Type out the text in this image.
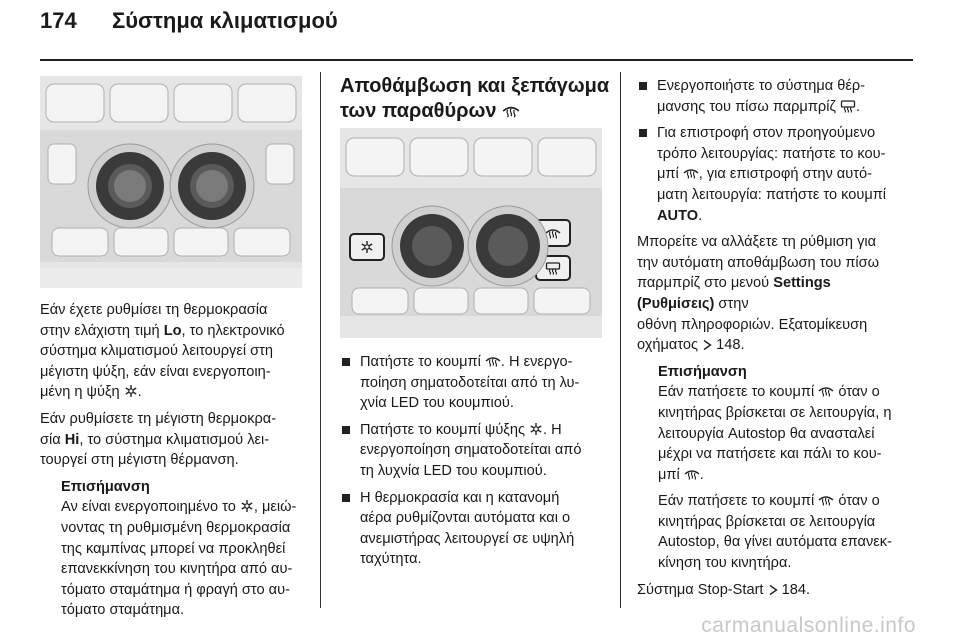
174 Σύστημα κλιματισμού

Εάν έχετε ρυθμίσει τη θερμοκρασία
στην ελάχιστη τιμή Lo, το ηλεκτρονικό
σύστημα κλιματισμού λειτουργεί στη
μέγιστη ψύξη, εάν είναι ενεργοποιη-
μένη η ψύξη .

Εάν ρυθμίσετε τη μέγιστη θερμοκρα-
σία Hi, το σύστημα κλιματισμού λει-
τουργεί στη μέγιστη θέρμανση.

Επισήμανση
Αν είναι ενεργοποιημένο το , μειώ-
νοντας τη ρυθμισμένη θερμοκρασία
της καμπίνας μπορεί να προκληθεί
επανεκκίνηση του κινητήρα από αυ-
τόματο σταμάτημα ή φραγή στο αυ-
τόματο σταμάτημα.
Αποθάμβωση και ξεπάγωμα
των παραθύρων
Πατήστε το κουμπί . Η ενεργο-
ποίηση σηματοδοτείται από τη λυ-
χνία LED του κουμπιού.
Πατήστε το κουμπί ψύξης . Η
ενεργοποίηση σηματοδοτείται από
τη λυχνία LED του κουμπιού.
Η θερμοκρασία και η κατανομή
αέρα ρυθμίζονται αυτόματα και ο
ανεμιστήρας λειτουργεί σε υψηλή
ταχύτητα.
Ενεργοποιήστε το σύστημα θέρ-
μανσης του πίσω παρμπρίζ .
Για επιστροφή στον προηγούμενο
τρόπο λειτουργίας: πατήστε το κου-
μπί , για επιστροφή στην αυτό-
ματη λειτουργία: πατήστε το κουμπί
AUTO.

Μπορείτε να αλλάξετε τη ρύθμιση για
την αυτόματη αποθάμβωση του πίσω
παρμπρίζ στο μενού Settings
(Ρυθμίσεις) στην
οθόνη πληροφοριών. Εξατομίκευση
οχήματος  148.

Επισήμανση
Εάν πατήσετε το κουμπί  όταν ο
κινητήρας βρίσκεται σε λειτουργία, η
λειτουργία Autostop θα ανασταλεί
μέχρι να πατήσετε και πάλι το κου-
μπί .
Εάν πατήσετε το κουμπί  όταν ο
κινητήρας βρίσκεται σε λειτουργία
Autostop, θα γίνει αυτόματα επανεκ-
κίνηση του κινητήρα.

Σύστημα Stop-Start  184.

carmanualsonline.info
